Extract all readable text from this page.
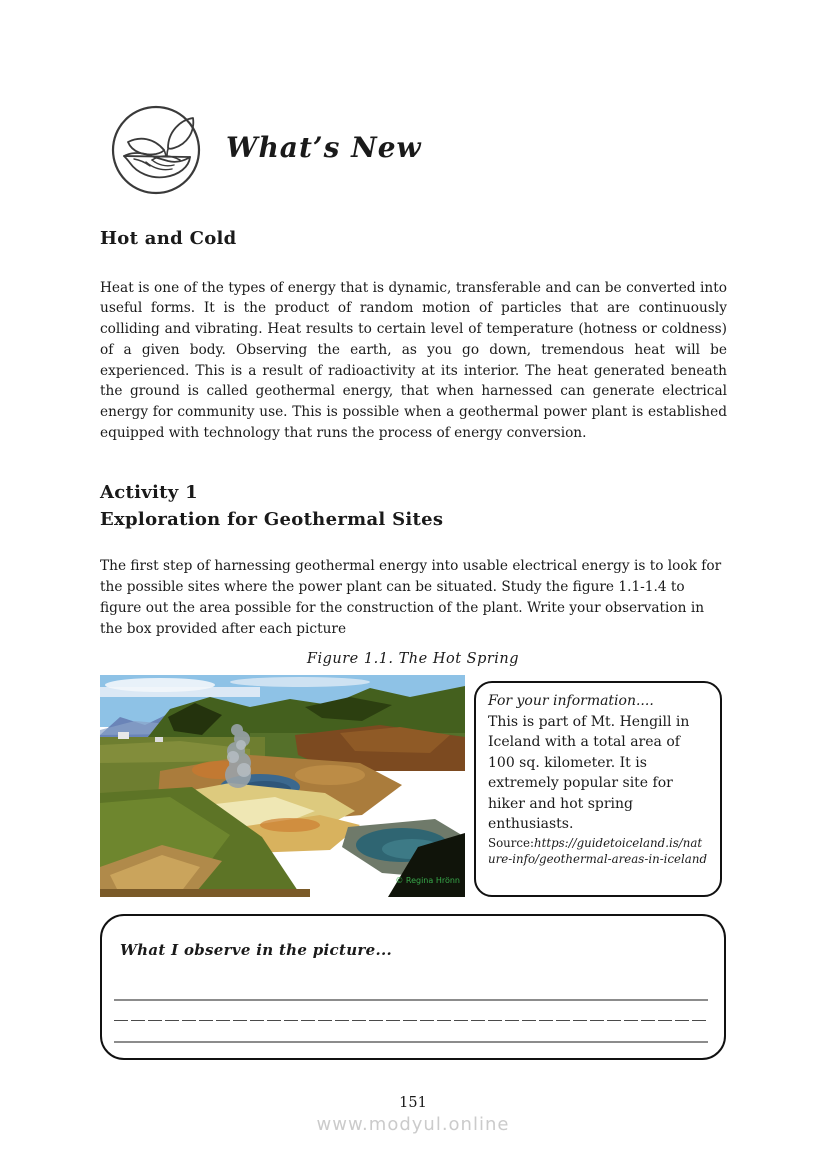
What’s New
Hot and Cold

Heat is one of the types of energy that is dynamic, transferable and can be converted into useful forms. It is the product of random motion of particles that are continuously colliding and vibrating. Heat results to certain level of temperature (hotness or coldness) of a given body. Observing the earth, as you go down, tremendous heat will be experienced. This is a result of radioactivity at its interior. The heat generated beneath the ground is called geothermal energy, that when harnessed can generate electrical energy for community use. This is possible when a geothermal power plant is established equipped with technology that runs the process of energy conversion.

Activity 1
Exploration for Geothermal Sites

The first step of harnessing geothermal energy into usable electrical energy is to look for the possible sites where the power plant can be situated. Study the figure 1.1-1.4 to figure out the area possible for the construction of the plant. Write your observation in the box provided after each picture

Figure 1.1. The Hot Spring
© Regina Hrönn
For your information....
This is part of Mt. Hengill in Iceland with a total area of 100 sq. kilometer. It is extremely popular site for hiker and hot spring enthusiasts.
Source:https://guidetoiceland.is/nature-info/geothermal-areas-in-iceland
What I observe in the picture...
151
www.modyul.online
